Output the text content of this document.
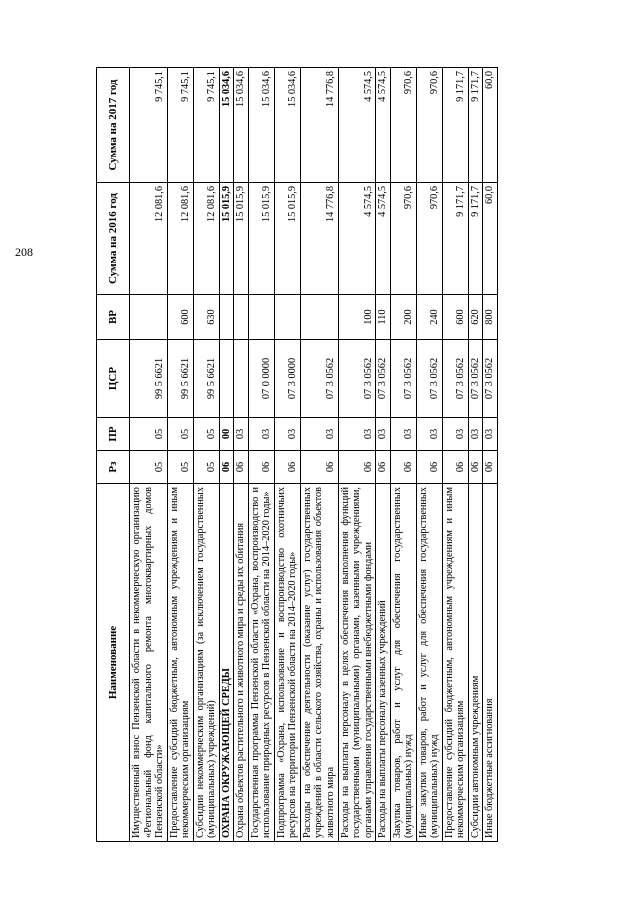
208
Наименование	Рз	ПР	ЦСР	ВР	Сумма на 2016 год	Сумма на 2017 год
Имущественный взнос Пензенской области в некоммерческую организацию «Региональный фонд капитального ремонта многоквартирных домов Пензенской области»	05	05	99 5 6621		12 081,6	9 745,1
Предоставление субсидий бюджетным, автономным учреждениям и иным некоммерческим организациям	05	05	99 5 6621	600	12 081,6	9 745,1
Субсидии некоммерческим организациям (за исключением государственных (муниципальных) учреждений)	05	05	99 5 6621	630	12 081,6	9 745,1
ОХРАНА ОКРУЖАЮЩЕЙ СРЕДЫ	06	00			15 015,9	15 034,6
Охрана объектов растительного и животного мира и среды их обитания	06	03			15 015,9	15 034,6
Государственная программа Пензенской области «Охрана, воспроизводство и использование природных ресурсов в Пензенской области на 2014–2020 годы»	06	03	07 0 0000		15 015,9	15 034,6
Подпрограмма «Охрана, использование и воспроизводство охотничьих ресурсов на территории Пензенской области на 2014–2020 годы»	06	03	07 3 0000		15 015,9	15 034,6
Расходы на обеспечение деятельности (оказание услуг) государственных учреждений в области сельского хозяйства, охраны и использования объектов животного мира	06	03	07 3 0562		14 776,8	14 776,8
Расходы на выплаты персоналу в целях обеспечения выполнения функций государственными (муниципальными) органами, казенными учреждениями, органами управления государственными внебюджетными фондами	06	03	07 3 0562	100	4 574,5	4 574,5
Расходы на выплаты персоналу казенных учреждений	06	03	07 3 0562	110	4 574,5	4 574,5
Закупка товаров, работ и услуг для обеспечения государственных (муниципальных) нужд	06	03	07 3 0562	200	970,6	970,6
Иные закупки товаров, работ и услуг для обеспечения государственных (муниципальных) нужд	06	03	07 3 0562	240	970,6	970,6
Предоставление субсидий бюджетным, автономным учреждениям и иным некоммерческим организациям	06	03	07 3 0562	600	9 171,7	9 171,7
Субсидии автономным учреждениям	06	03	07 3 0562	620	9 171,7	9 171,7
Иные бюджетные ассигнования	06	03	07 3 0562	800	60,0	60,0
